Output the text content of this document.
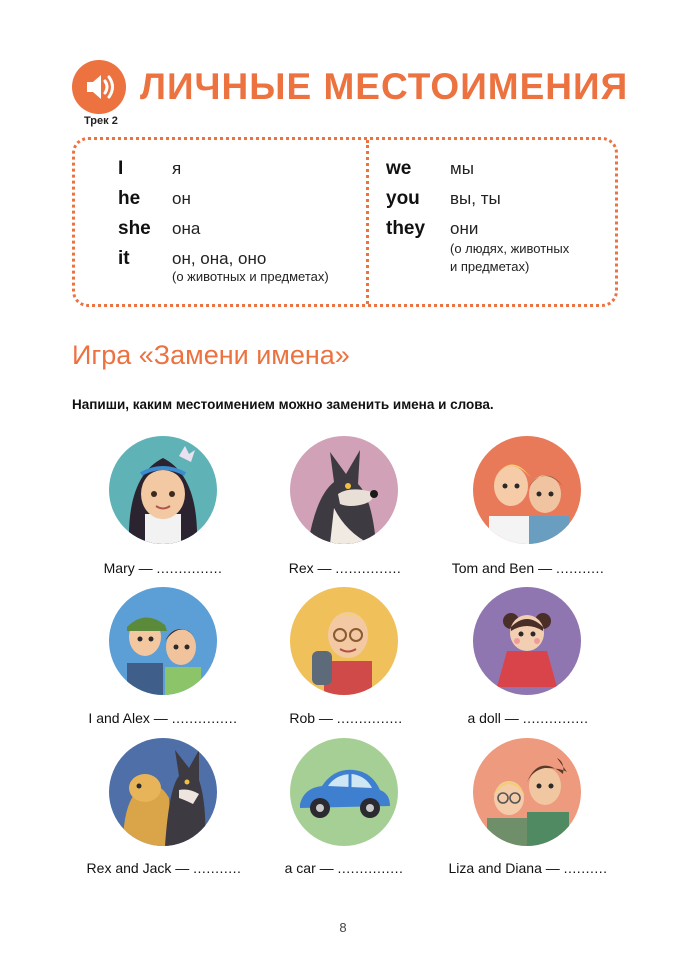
ЛИЧНЫЕ МЕСТОИМЕНИЯ
Трек 2
I	я
he	он
she	она
it	он, она, оно
(о животных и предметах)
we	мы
you	вы, ты
they	они
(о людях, животных
и предметах)
Игра «Замени имена»
Напиши, каким местоимением можно заменить имена и слова.
Mary — ...............	Rex — ...............	Tom and Ben — ...........
I and Alex — ...............	Rob — ...............	a doll — ...............
Rex and Jack — ...........	a car — ...............	Liza and Diana — ..........
8
